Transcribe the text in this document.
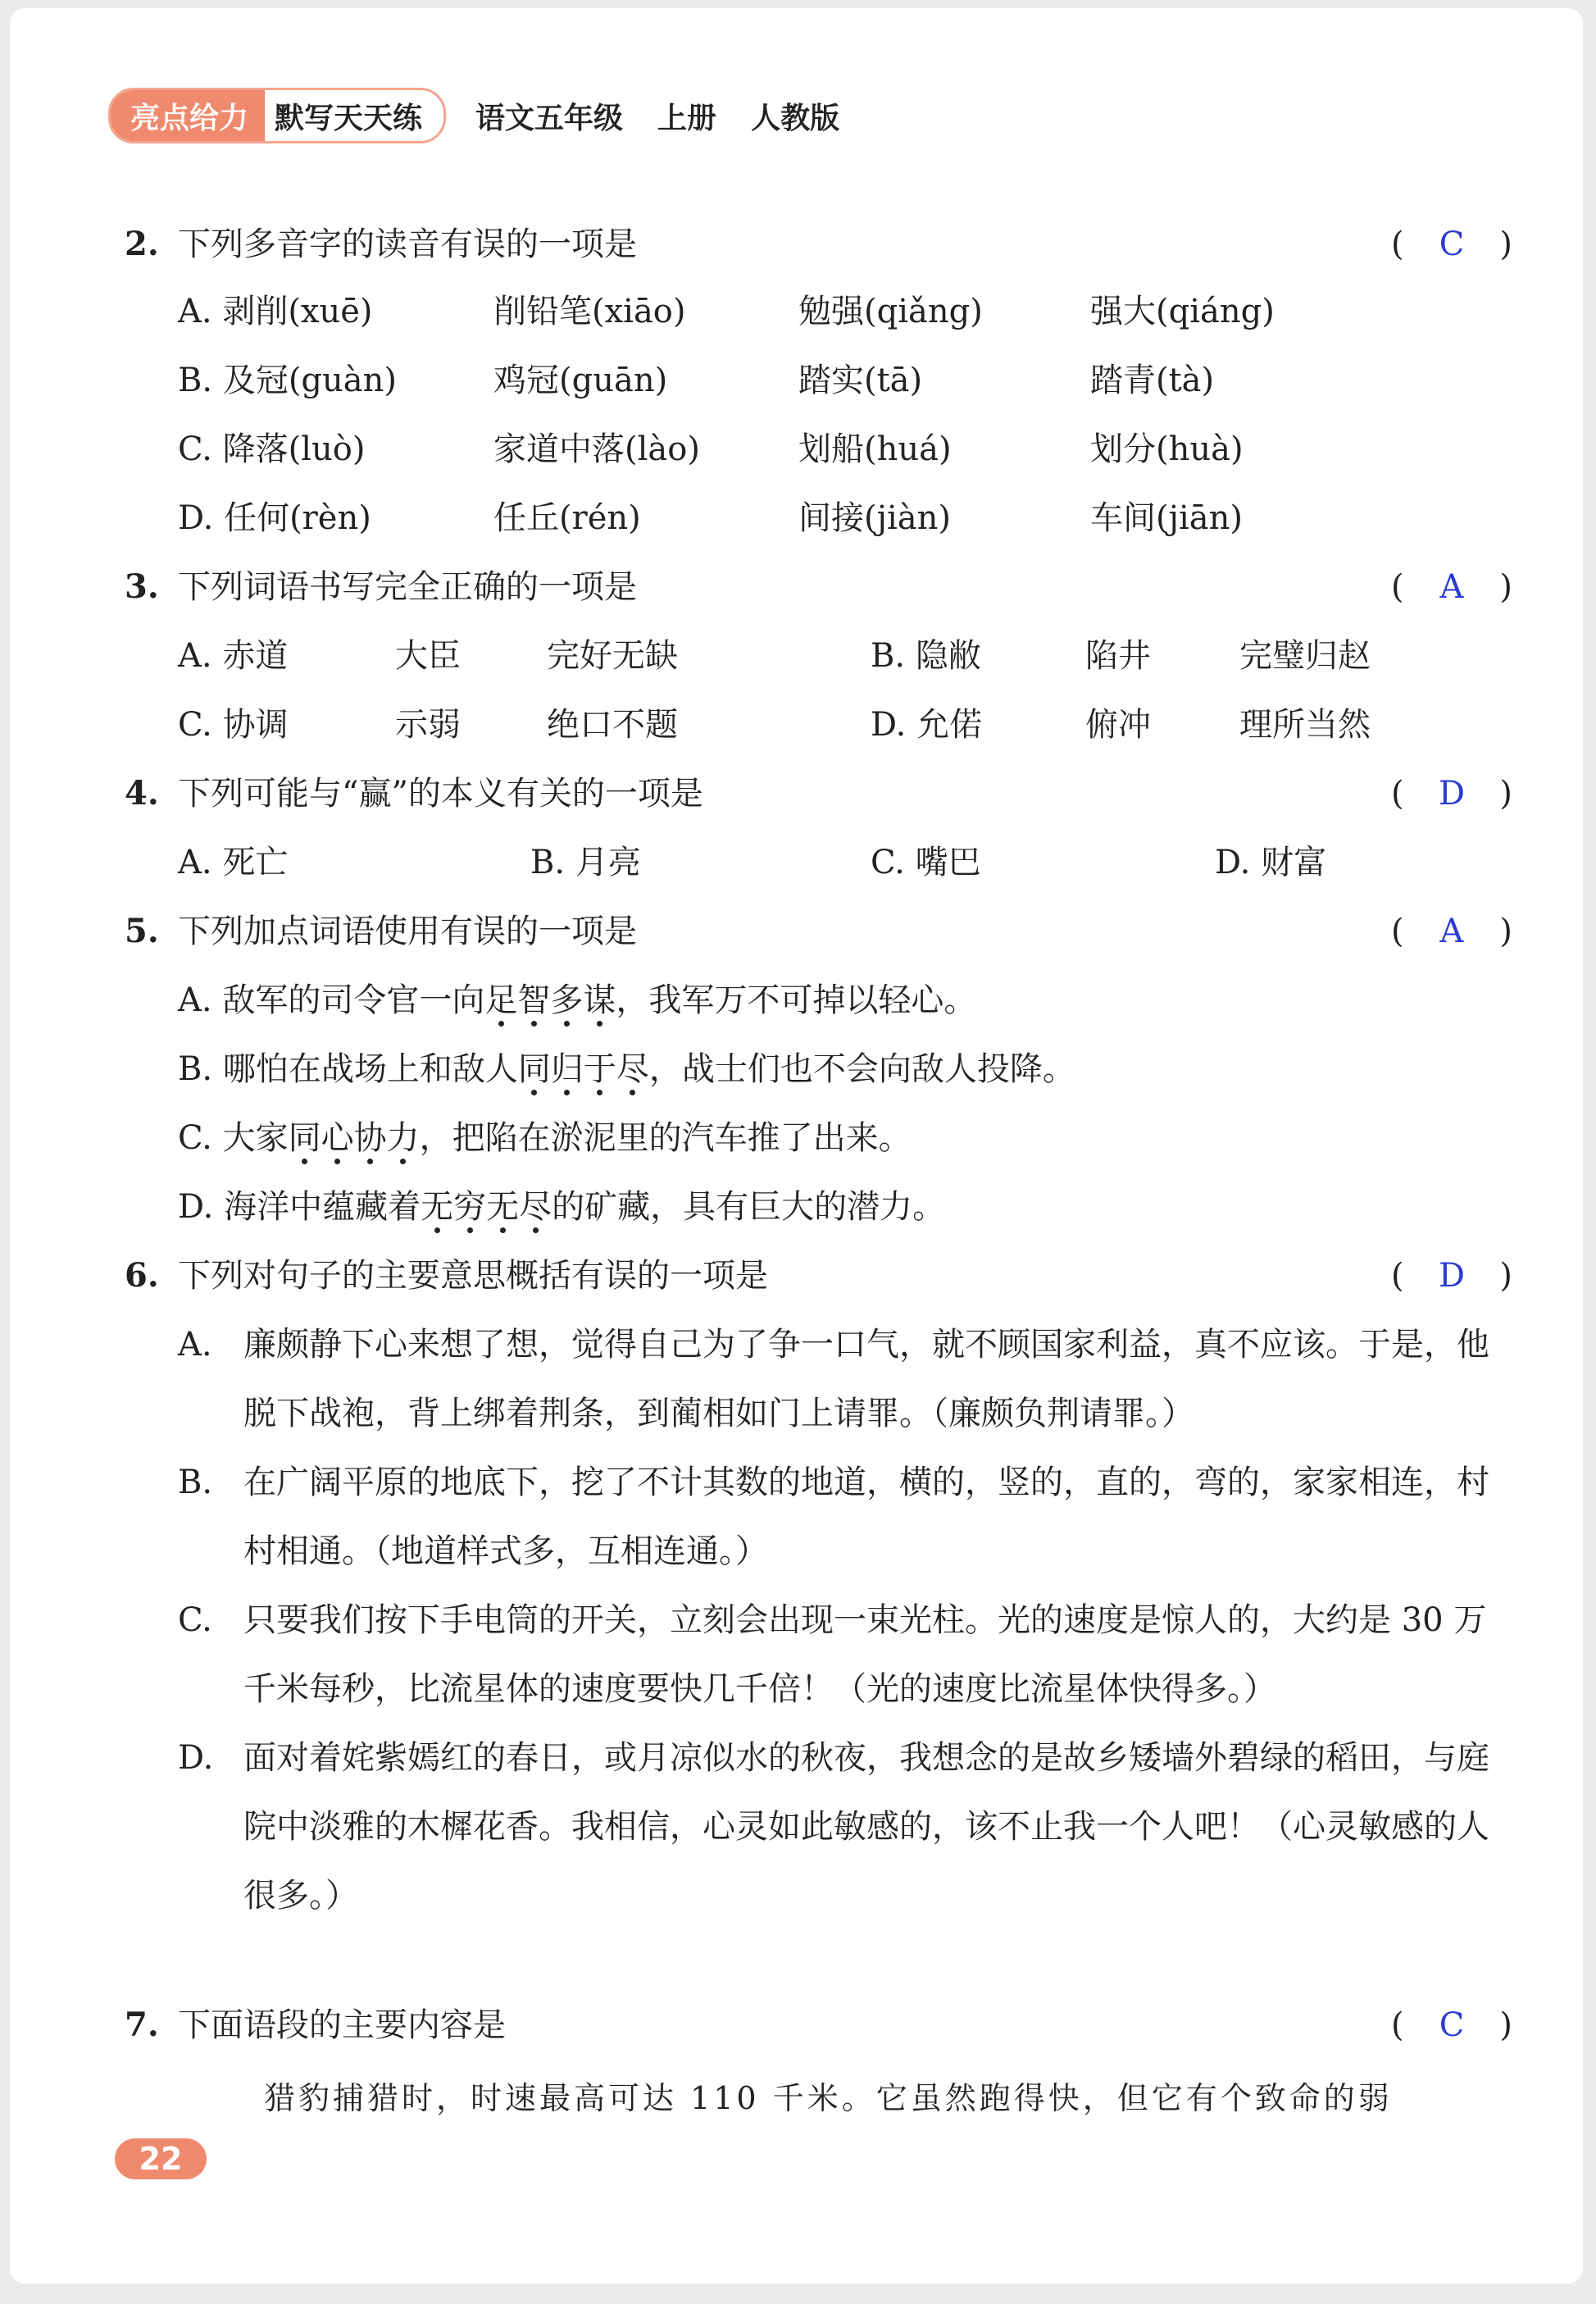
亮点给力 默写天天练	语文五年级 上册 人教版
2. 下列多音字的读音有误的一项是	( C )
A. 剥削(xuē)	削铅笔(xiāo)	勉强(qiǎng)	强大(qiáng)
B. 及冠(guàn)	鸡冠(guān)	踏实(tā)	踏青(tà)
C. 降落(luò)	家道中落(lào)	划船(huá)	划分(huà)
D. 任何(rèn)	任丘(rén)	间接(jiàn)	车间(jiān)
3. 下列词语书写完全正确的一项是	( A )
A. 赤道	大臣	完好无缺	B. 隐敝	陷井	完璧归赵
C. 协调	示弱	绝口不题	D. 允偌	俯冲	理所当然
4. 下列可能与“赢”的本义有关的一项是	( D )
A. 死亡	B. 月亮	C. 嘴巴	D. 财富
5. 下列加点词语使用有误的一项是	( A )
A. 敌军的司令官一向足智多谋，我军万不可掉以轻心。
B. 哪怕在战场上和敌人同归于尽，战士们也不会向敌人投降。
C. 大家同心协力，把陷在淤泥里的汽车推了出来。
D. 海洋中蕴藏着无穷无尽的矿藏，具有巨大的潜力。
6. 下列对句子的主要意思概括有误的一项是	( D )
A. 廉颇静下心来想了想，觉得自己为了争一口气，就不顾国家利益，真不应该。于是，他脱下战袍，背上绑着荆条，到蔺相如门上请罪。（廉颇负荆请罪。）
B. 在广阔平原的地底下，挖了不计其数的地道，横的，竖的，直的，弯的，家家相连，村村相通。（地道样式多，互相连通。）
C. 只要我们按下手电筒的开关，立刻会出现一束光柱。光的速度是惊人的，大约是 30 万千米每秒，比流星体的速度要快几千倍！（光的速度比流星体快得多。）
D. 面对着姹紫嫣红的春日，或月凉似水的秋夜，我想念的是故乡矮墙外碧绿的稻田，与庭院中淡雅的木樨花香。我相信，心灵如此敏感的，该不止我一个人吧！（心灵敏感的人很多。）
7. 下面语段的主要内容是	( C )
猎豹捕猎时，时速最高可达 110 千米。它虽然跑得快，但它有个致命的弱
22
